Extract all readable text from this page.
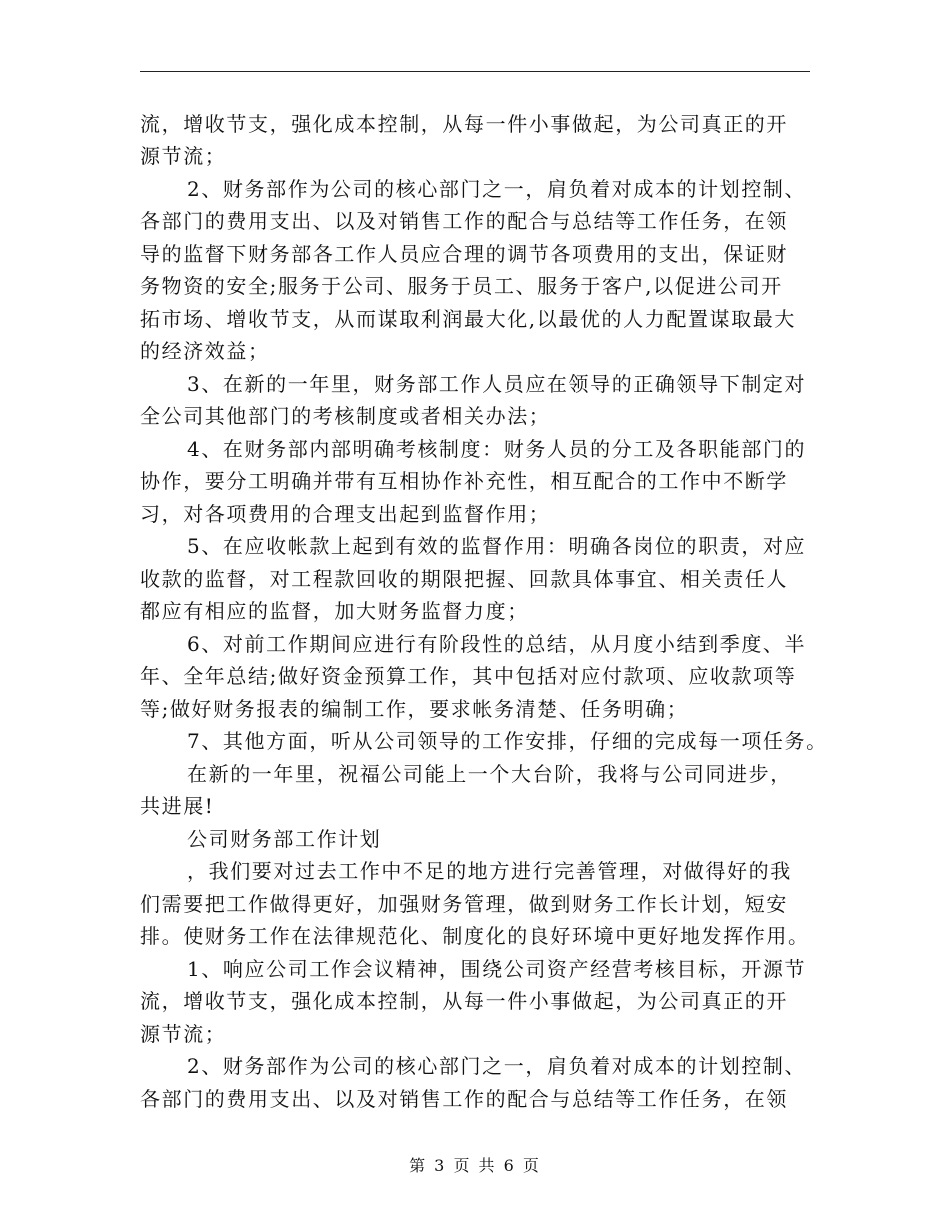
流，增收节支，强化成本控制，从每一件小事做起，为公司真正的开
源节流；
2、财务部作为公司的核心部门之一，肩负着对成本的计划控制、
各部门的费用支出、以及对销售工作的配合与总结等工作任务，在领
导的监督下财务部各工作人员应合理的调节各项费用的支出，保证财
务物资的安全;服务于公司、服务于员工、服务于客户,以促进公司开
拓市场、增收节支，从而谋取利润最大化,以最优的人力配置谋取最大
的经济效益；
3、在新的一年里，财务部工作人员应在领导的正确领导下制定对
全公司其他部门的考核制度或者相关办法；
4、在财务部内部明确考核制度：财务人员的分工及各职能部门的
协作，要分工明确并带有互相协作补充性，相互配合的工作中不断学
习，对各项费用的合理支出起到监督作用；
5、在应收帐款上起到有效的监督作用：明确各岗位的职责，对应
收款的监督，对工程款回收的期限把握、回款具体事宜、相关责任人
都应有相应的监督，加大财务监督力度；
6、对前工作期间应进行有阶段性的总结，从月度小结到季度、半
年、全年总结;做好资金预算工作，其中包括对应付款项、应收款项等
等;做好财务报表的编制工作，要求帐务清楚、任务明确；
7、其他方面，听从公司领导的工作安排，仔细的完成每一项任务。
在新的一年里，祝福公司能上一个大台阶，我将与公司同进步，
共进展!
公司财务部工作计划
，我们要对过去工作中不足的地方进行完善管理，对做得好的我
们需要把工作做得更好，加强财务管理，做到财务工作长计划，短安
排。使财务工作在法律规范化、制度化的良好环境中更好地发挥作用。
1、响应公司工作会议精神，围绕公司资产经营考核目标，开源节
流，增收节支，强化成本控制，从每一件小事做起，为公司真正的开
源节流；
2、财务部作为公司的核心部门之一，肩负着对成本的计划控制、
各部门的费用支出、以及对销售工作的配合与总结等工作任务，在领
第 3 页 共 6 页
